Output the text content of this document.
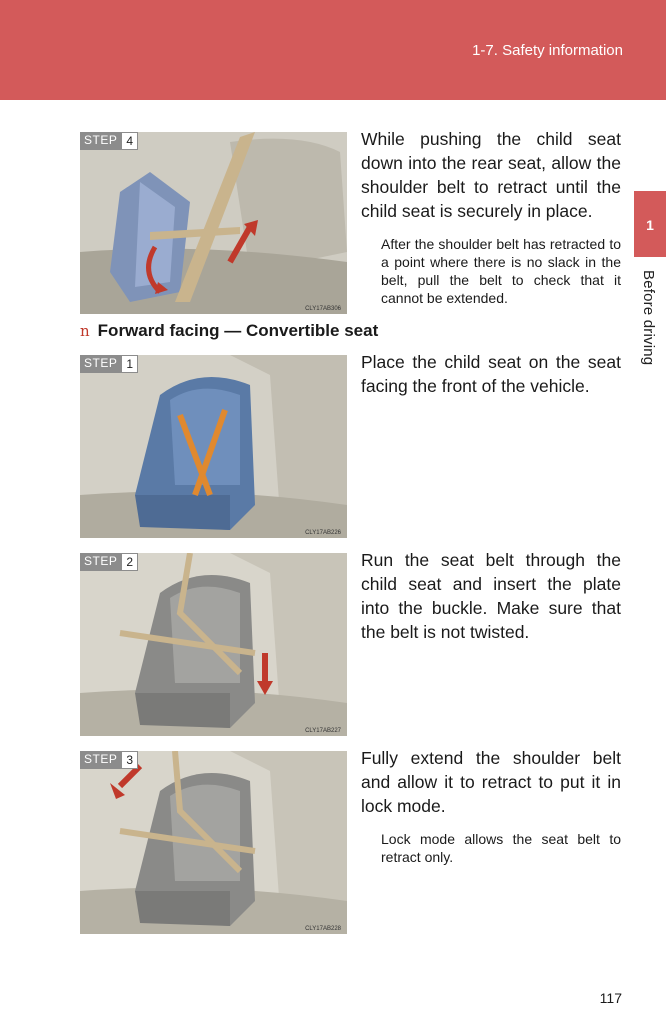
1-7. Safety information
1
Before driving
STEP 4
CLY17AB306
While pushing the child seat down into the rear seat, allow the shoulder belt to retract until the child seat is securely in place.
After the shoulder belt has retracted to a point where there is no slack in the belt, pull the belt to check that it cannot be extended.
n Forward facing — Convertible seat
STEP 1
CLY17AB226
Place the child seat on the seat facing the front of the vehicle.
STEP 2
CLY17AB227
Run the seat belt through the child seat and insert the plate into the buckle. Make sure that the belt is not twisted.
STEP 3
CLY17AB228
Fully extend the shoulder belt and allow it to retract to put it in lock mode.
Lock mode allows the seat belt to retract only.
117
